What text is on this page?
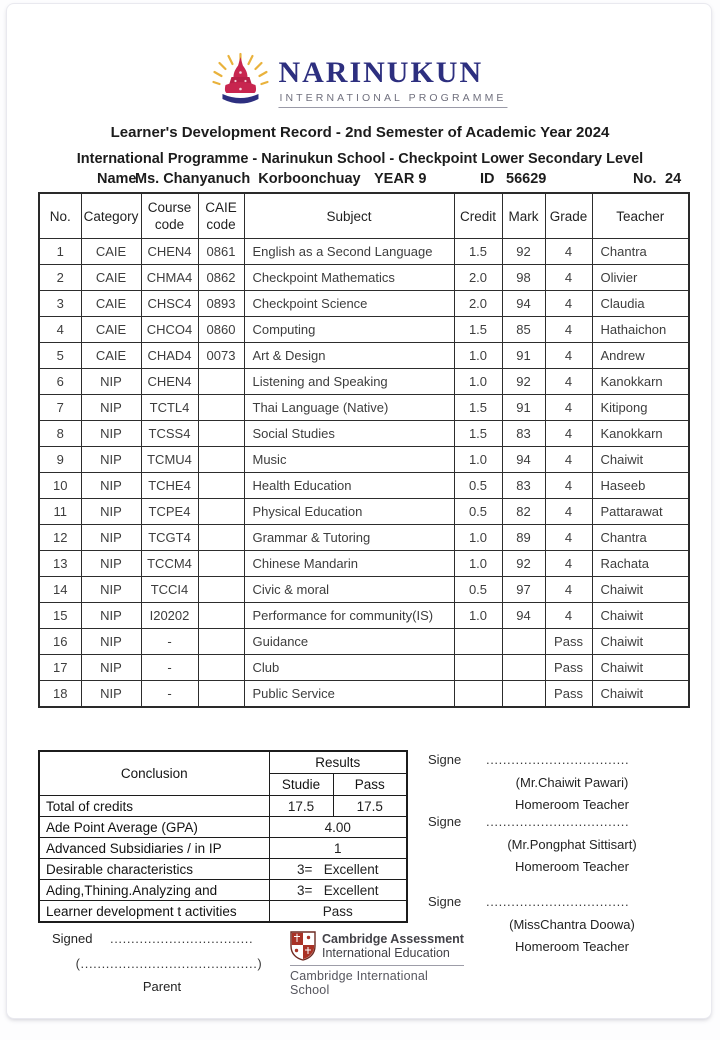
NARINUKUN
INTERNATIONAL PROGRAMME
Learner's Development Record - 2nd Semester of Academic Year 2024
International Programme - Narinukun School - Checkpoint Lower Secondary Level
Name
Ms. Chanyanuch  Korboonchuay YEAR 9	ID 56629	No. 24
No.	Category	Course code	CAIE code	Subject	Credit	Mark	Grade	Teacher
1	CAIE	CHEN4	0861	English as a Second Language	1.5	92	4	Chantra
2	CAIE	CHMA4	0862	Checkpoint Mathematics	2.0	98	4	Olivier
3	CAIE	CHSC4	0893	Checkpoint Science	2.0	94	4	Claudia
4	CAIE	CHCO4	0860	Computing	1.5	85	4	Hathaichon
5	CAIE	CHAD4	0073	Art & Design	1.0	91	4	Andrew
6	NIP	CHEN4		Listening and Speaking	1.0	92	4	Kanokkarn
7	NIP	TCTL4		Thai Language (Native)	1.5	91	4	Kitipong
8	NIP	TCSS4		Social Studies	1.5	83	4	Kanokkarn
9	NIP	TCMU4		Music	1.0	94	4	Chaiwit
10	NIP	TCHE4		Health Education	0.5	83	4	Haseeb
11	NIP	TCPE4		Physical Education	0.5	82	4	Pattarawat
12	NIP	TCGT4		Grammar & Tutoring	1.0	89	4	Chantra
13	NIP	TCCM4		Chinese Mandarin	1.0	92	4	Rachata
14	NIP	TCCI4		Civic & moral	0.5	97	4	Chaiwit
15	NIP	I20202		Performance for community(IS)	1.0	94	4	Chaiwit
16	NIP	-		Guidance			Pass	Chaiwit
17	NIP	-		Club			Pass	Chaiwit
18	NIP	-		Public Service			Pass	Chaiwit
Conclusion	Results	
	Studie	Pass
Total of credits	17.5	17.5
Ade Point Average (GPA)	4.00	
Advanced Subsidiaries / in IP	1	
Desirable characteristics	3=   Excellent	
Ading,Thining.Analyzing and	3=   Excellent	
Learner development t activities	Pass	
Signe	..................................
(Mr.Chaiwit Pawari)
Homeroom Teacher
Signe	..................................
(Mr.Pongphat Sittisart)
Homeroom Teacher
Signe	..................................
(MissChantra Doowa)
Homeroom Teacher
Signed	..................................
(..........................................)
Parent
Cambridge Assessment
International Education
Cambridge International School
